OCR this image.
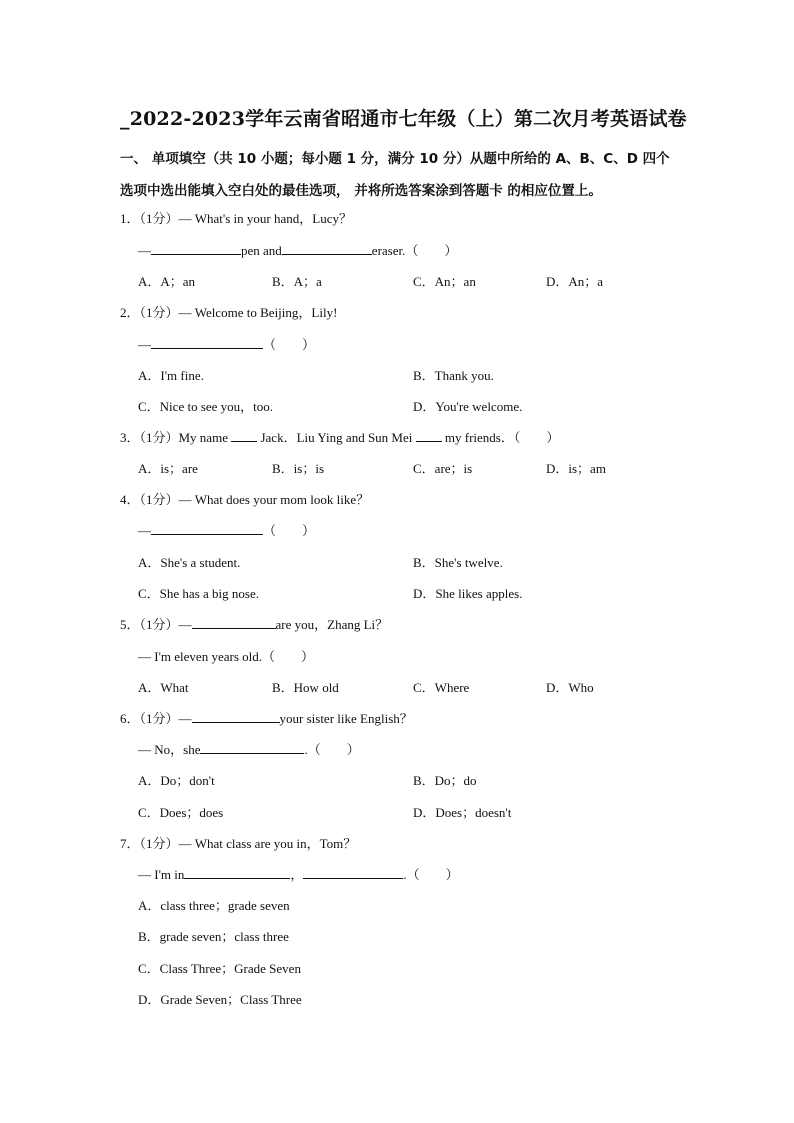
_2022-2023学年云南省昭通市七年级（上）第二次月考英语试卷
一、 单项填空（共 10 小题；每小题 1 分，满分 10 分）从题中所给的 A、B、C、D 四个选项中选出能填入空白处的最佳选项， 并将所选答案涂到答题卡 的相应位置上。
1．（1分）— What's in your hand，Lucy？
—	pen and	eraser.（　　）
A．A；an	B．A；a	C．An；an	D．An；a
2．（1分）— Welcome to Beijing，Lily!
—	（　　）
A．I'm fine.	B．Thank you.
C．Nice to see you，too.	D．You're welcome.
3．（1分）My name	Jack．Liu Ying and Sun Mei	my friends．（　　）
A．is；are	B．is；is	C．are；is	D．is；am
4．（1分）— What does your mom look like？
—	（　　）
A．She's a student.	B．She's twelve.
C．She has a big nose.	D．She likes apples.
5．（1分）—	are you，Zhang Li？
— I'm eleven years old.（　　）
A．What	B．How old	C．Where	D．Who
6．（1分）—	your sister like English？
— No，she	.（　　）
A．Do；don't	B．Do；do
C．Does；does	D．Does；doesn't
7．（1分）— What class are you in，Tom？
— I'm in	，	.（　　）
A．class three；grade seven
B．grade seven；class three
C．Class Three；Grade Seven
D．Grade Seven；Class Three
